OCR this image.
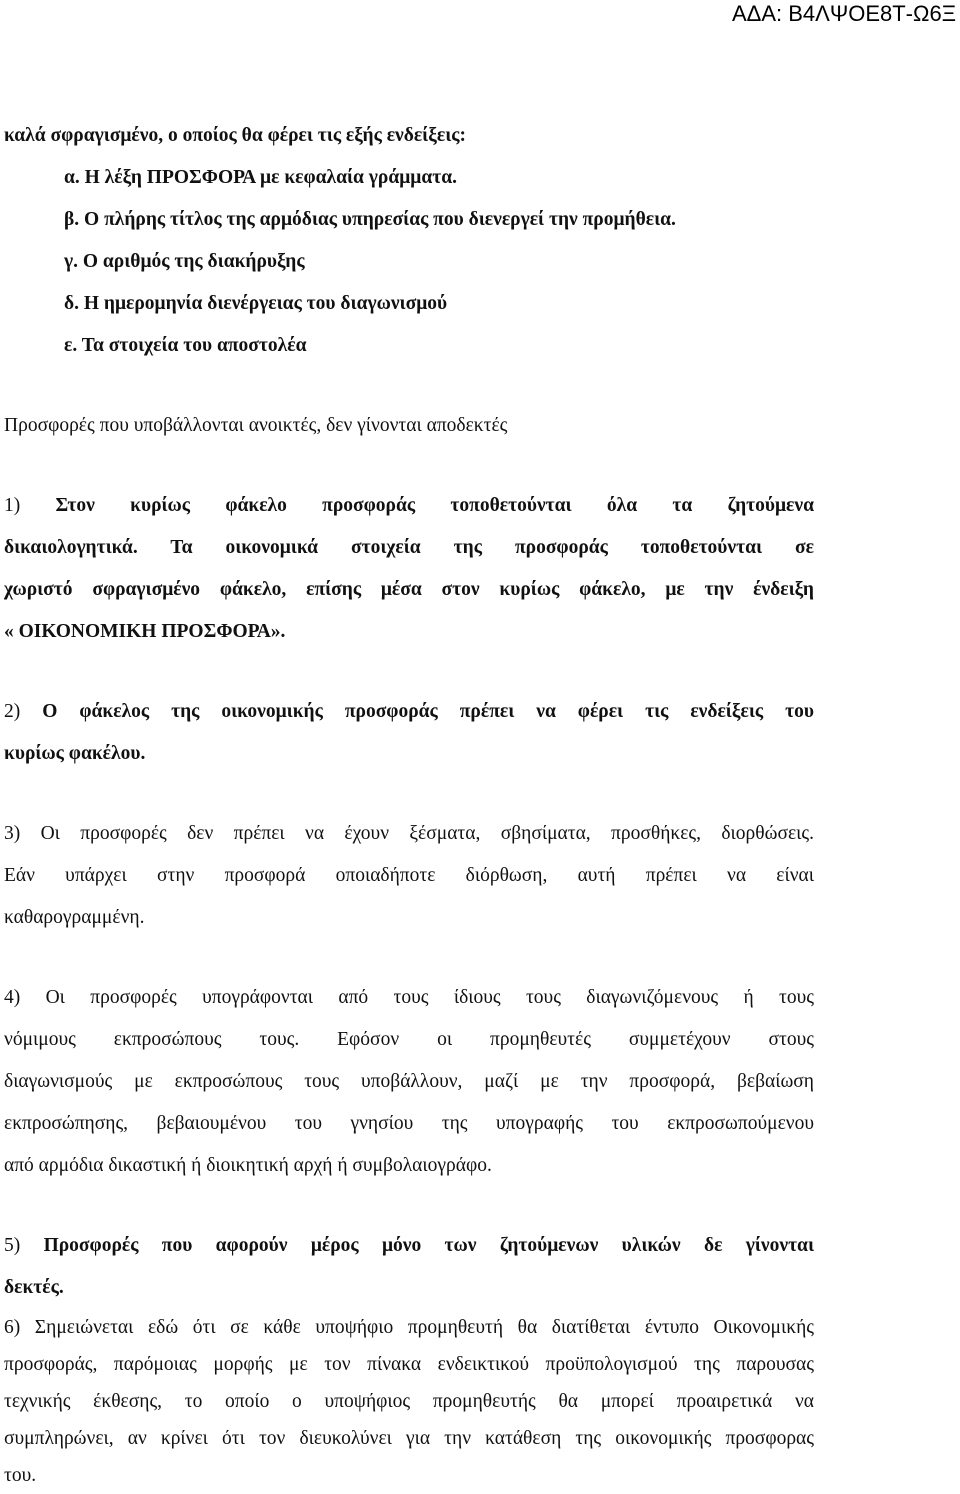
ΑΔΑ: Β4ΛΨΟΕ8Τ-Ω6Ξ
καλά σφραγισμένο, ο οποίος θα φέρει τις εξής ενδείξεις:
α. Η λέξη ΠΡΟΣΦΟΡΑ με κεφαλαία γράμματα.
β. Ο πλήρης τίτλος της αρμόδιας υπηρεσίας που διενεργεί την προμήθεια.
γ. Ο αριθμός της διακήρυξης
δ. Η ημερομηνία διενέργειας του διαγωνισμού
ε. Τα στοιχεία του αποστολέα
Προσφορές που υποβάλλονται ανοικτές, δεν γίνονται αποδεκτές
1) Στον κυρίως φάκελο προσφοράς τοποθετούνται όλα τα ζητούμενα
δικαιολογητικά. Τα οικονομικά στοιχεία της προσφοράς τοποθετούνται σε
χωριστό σφραγισμένο φάκελο, επίσης μέσα στον κυρίως φάκελο, με την ένδειξη
« ΟΙΚΟΝΟΜΙΚΗ ΠΡΟΣΦΟΡΑ».
2) Ο φάκελος της οικονομικής προσφοράς πρέπει να φέρει τις ενδείξεις του
κυρίως φακέλου.
3) Οι προσφορές δεν πρέπει να έχουν ξέσματα, σβησίματα, προσθήκες, διορθώσεις.
Εάν υπάρχει στην προσφορά οποιαδήποτε διόρθωση, αυτή πρέπει να είναι
καθαρογραμμένη.
4) Οι προσφορές υπογράφονται από τους ίδιους τους διαγωνιζόμενους ή τους
νόμιμους εκπροσώπους τους. Εφόσον οι προμηθευτές συμμετέχουν στους
διαγωνισμούς με εκπροσώπους τους υποβάλλουν, μαζί με την προσφορά, βεβαίωση
εκπροσώπησης, βεβαιουμένου του γνησίου της υπογραφής του εκπροσωπούμενου
από αρμόδια δικαστική ή διοικητική αρχή ή συμβολαιογράφο.
5) Προσφορές που αφορούν μέρος μόνο των ζητούμενων υλικών δε γίνονται
δεκτές.
6) Σημειώνεται εδώ ότι σε κάθε υποψήφιο προμηθευτή θα διατίθεται έντυπο Οικονομικής
προσφοράς, παρόμοιας μορφής με τον πίνακα ενδεικτικού προϋπολογισμού της παρουσας
τεχνικής έκθεσης, το οποίο ο υποψήφιος προμηθευτής θα μπορεί προαιρετικά να
συμπληρώνει, αν κρίνει ότι τον διευκολύνει για την κατάθεση της οικονομικής προσφορας
του.
